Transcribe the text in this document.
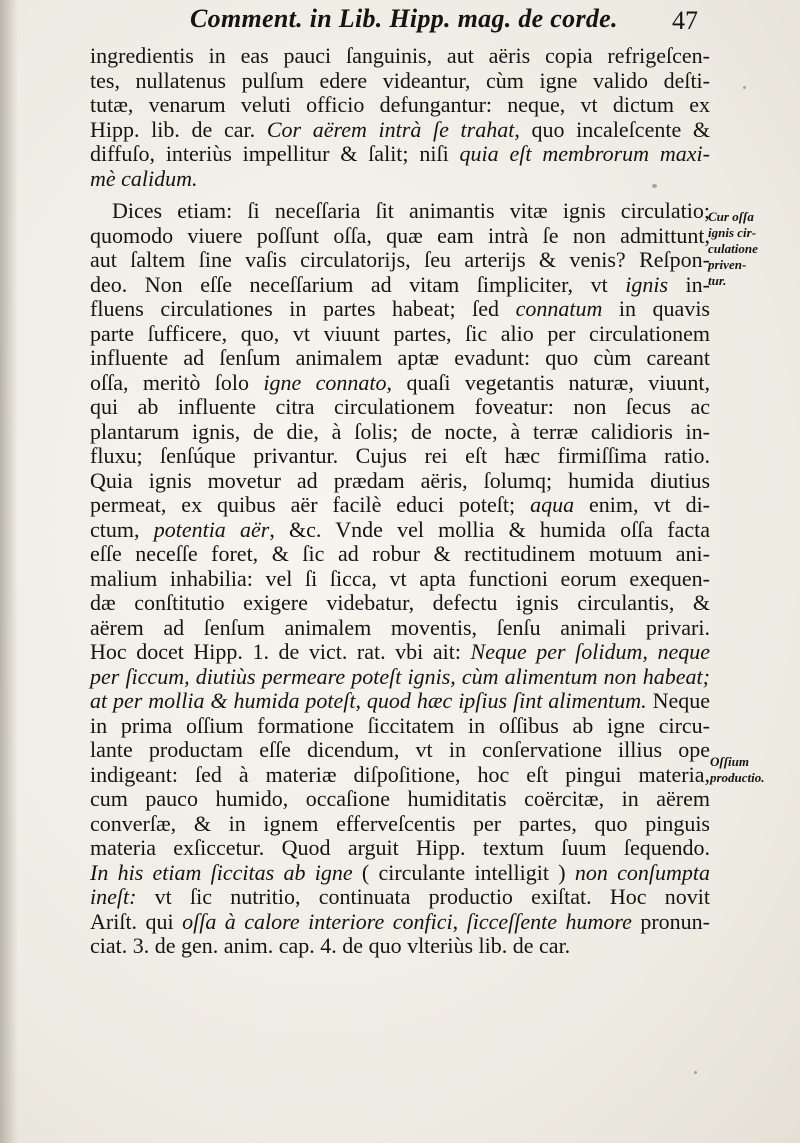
Comment. in Lib. Hipp. mag. de corde. 47
ingredientis in eas pauci ſanguinis, aut aëris copia refrigeſcen-
tes, nullatenus pulſum edere videantur, cùm igne valido deſti-
tutæ, venarum veluti officio defungantur: neque, vt dictum ex
Hipp. lib. de car. Cor aërem intrà ſe trahat, quo incaleſcente &
diffuſo, interiùs impellitur & ſalit; niſi quia eſt membrorum maxi-
mè calidum.
Dices etiam: ſi neceſſaria ſit animantis vitæ ignis circulatio;
quomodo viuere poſſunt oſſa, quæ eam intrà ſe non admittunt,
aut ſaltem ſine vaſis circulatorijs, ſeu arterijs & venis? Reſpon-
deo. Non eſſe neceſſarium ad vitam ſimpliciter, vt ignis in-
fluens circulationes in partes habeat; ſed connatum in quavis
parte ſufficere, quo, vt viuunt partes, ſic alio per circulationem
influente ad ſenſum animalem aptæ evadunt: quo cùm careant
oſſa, meritò ſolo igne connato, quaſi vegetantis naturæ, viuunt,
qui ab influente citra circulationem foveatur: non ſecus ac
plantarum ignis, de die, à ſolis; de nocte, à terræ calidioris in-
fluxu; ſenſúque privantur. Cujus rei eſt hæc firmiſſima ratio.
Quia ignis movetur ad prædam aëris, ſolumq; humida diutius
permeat, ex quibus aër facilè educi poteſt; aqua enim, vt di-
ctum, potentia aër, &c. Vnde vel mollia & humida oſſa facta
eſſe neceſſe foret, & ſic ad robur & rectitudinem motuum ani-
malium inhabilia: vel ſi ſicca, vt apta functioni eorum exequen-
dæ conſtitutio exigere videbatur, defectu ignis circulantis, &
aërem ad ſenſum animalem moventis, ſenſu animali privari.
Hoc docet Hipp. 1. de vict. rat. vbi ait: Neque per ſolidum, neque
per ſiccum, diutiùs permeare poteſt ignis, cùm alimentum non habeat;
at per mollia & humida poteſt, quod hæc ipſius ſint alimentum. Neque
in prima oſſium formatione ſiccitatem in oſſibus ab igne circu-
lante productam eſſe dicendum, vt in conſervatione illius ope
indigeant: ſed à materiæ diſpoſitione, hoc eſt pingui materia,
cum pauco humido, occaſione humiditatis coërcitæ, in aërem
converſæ, & in ignem effervеſcentis per partes, quo pinguis
materia exſiccetur. Quod arguit Hipp. textum ſuum ſequendo.
In his etiam ſiccitas ab igne ( circulante intelligit ) non conſumpta
ineſt: vt ſic nutritio, continuata productio exiſtat. Hoc novit
Ariſt. qui oſſa à calore interiore confici, ſicceſſente humore pronun-
ciat. 3. de gen. anim. cap. 4. de quo vlteriùs lib. de car.
Cur oſſa
ignis cir-
culatione
priven-
tur.
Oſſium
productio.
